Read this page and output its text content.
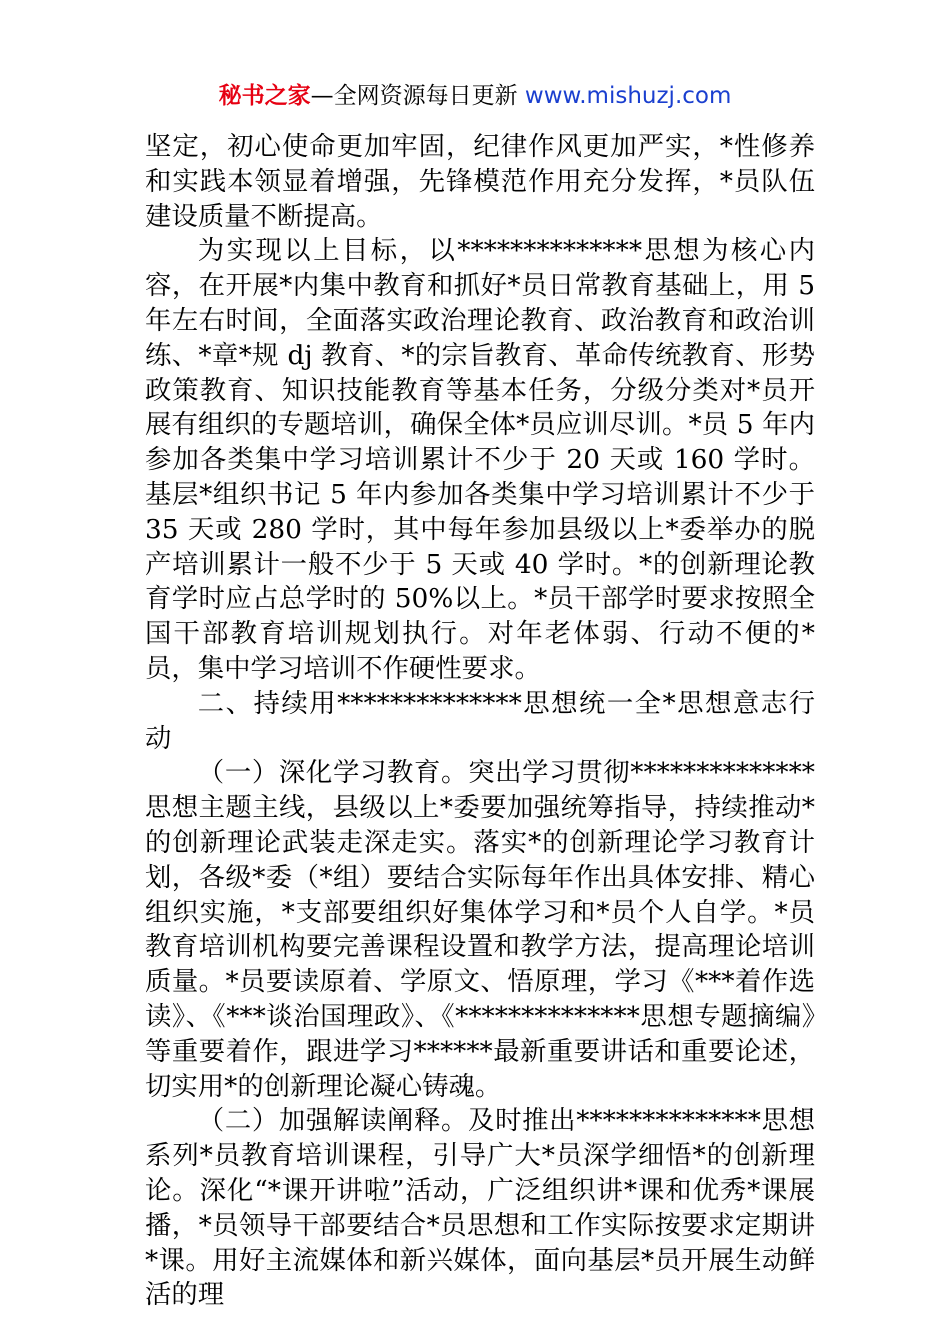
秘书之家—全网资源每日更新 www.mishuzj.com

坚定，初心使命更加牢固，纪律作风更加严实，*性修养和实践本领显着增强，先锋模范作用充分发挥，*员队伍建设质量不断提高。

为实现以上目标，以**************思想为核心内容，在开展*内集中教育和抓好*员日常教育基础上，用 5 年左右时间，全面落实政治理论教育、政治教育和政治训练、*章*规 dj 教育、*的宗旨教育、革命传统教育、形势政策教育、知识技能教育等基本任务，分级分类对*员开展有组织的专题培训，确保全体*员应训尽训。*员 5 年内参加各类集中学习培训累计不少于 20 天或 160 学时。基层*组织书记 5 年内参加各类集中学习培训累计不少于 35 天或 280 学时，其中每年参加县级以上*委举办的脱产培训累计一般不少于 5 天或 40 学时。*的创新理论教育学时应占总学时的 50%以上。*员干部学时要求按照全国干部教育培训规划执行。对年老体弱、行动不便的*员，集中学习培训不作硬性要求。

二、持续用**************思想统一全*思想意志行动

（一）深化学习教育。突出学习贯彻**************思想主题主线，县级以上*委要加强统筹指导，持续推动*的创新理论武装走深走实。落实*的创新理论学习教育计划，各级*委（*组）要结合实际每年作出具体安排、精心组织实施，*支部要组织好集体学习和*员个人自学。*员教育培训机构要完善课程设置和教学方法，提高理论培训质量。*员要读原着、学原文、悟原理，学习《***着作选读》、《***谈治国理政》、《**************思想专题摘编》等重要着作，跟进学习******最新重要讲话和重要论述，切实用*的创新理论凝心铸魂。

（二）加强解读阐释。及时推出**************思想系列*员教育培训课程，引导广大*员深学细悟*的创新理论。深化“*课开讲啦”活动，广泛组织讲*课和优秀*课展播，*员领导干部要结合*员思想和工作实际按要求定期讲*课。用好主流媒体和新兴媒体，面向基层*员开展生动鲜活的理
